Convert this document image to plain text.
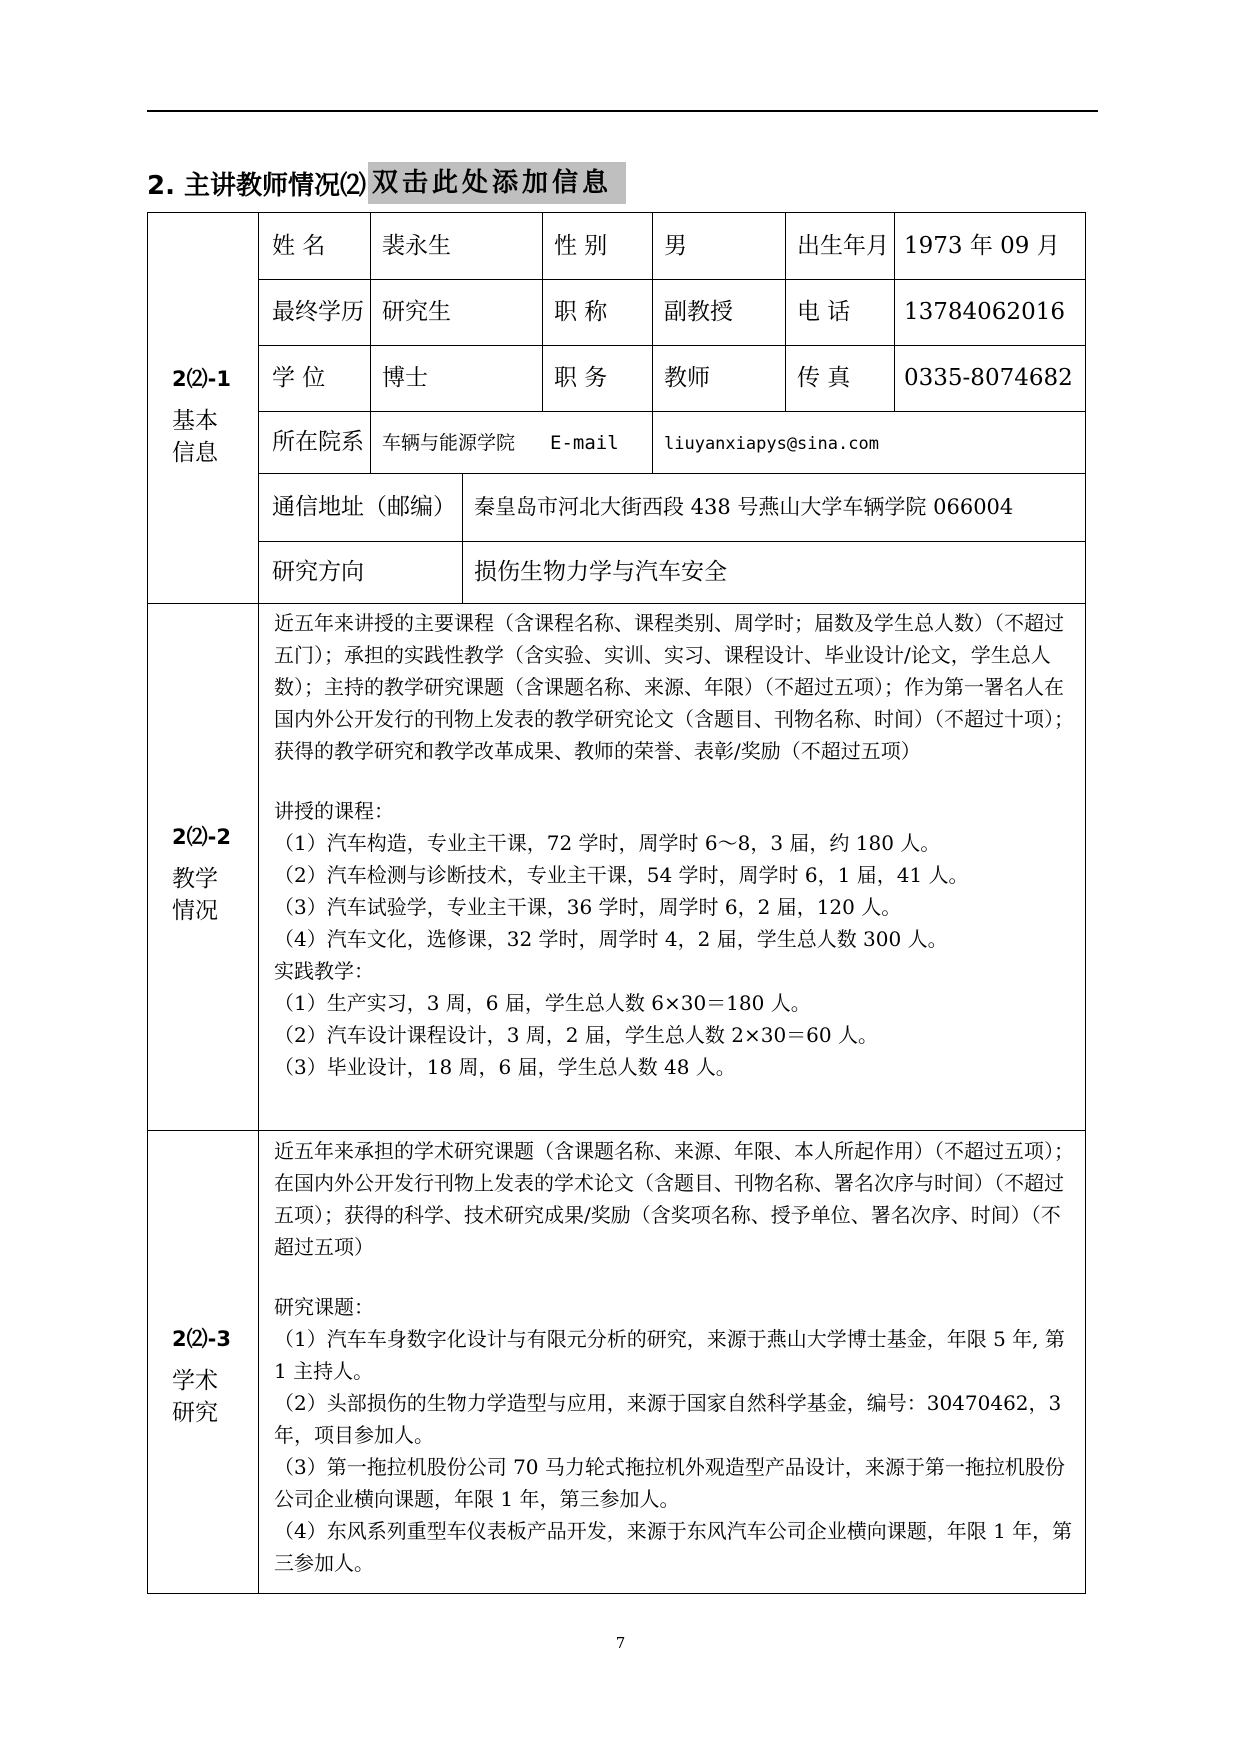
2. 主讲教师情况⑵ 双击此处添加信息
2⑵-1
基本信息
姓 名 裴永生	性 别 男	出生年月 1973 年 09 月
最终学历 研究生	职 称 副教授	电 话 13784062016
学 位 博士	职 务 教师	传 真 0335-8074682
所在院系 车辆与能源学院 E-mail	liuyanxiapys@sina.com
通信地址（邮编） 秦皇岛市河北大街西段 438 号燕山大学车辆学院 066004
研究方向	损伤生物力学与汽车安全
2⑵-2
教学情况

近五年来讲授的主要课程（含课程名称、课程类别、周学时；届数及学生总人数）（不超过五门）；承担的实践性教学（含实验、实训、实习、课程设计、毕业设计/论文，学生总人数）；主持的教学研究课题（含课题名称、来源、年限）（不超过五项）；作为第一署名人在国内外公开发行的刊物上发表的教学研究论文（含题目、刊物名称、时间）（不超过十项）；获得的教学研究和教学改革成果、教师的荣誉、表彰/奖励（不超过五项）

讲授的课程：

（1）汽车构造，专业主干课，72 学时，周学时 6～8，3 届，约 180 人。

（2）汽车检测与诊断技术，专业主干课，54 学时，周学时 6，1 届，41 人。

（3）汽车试验学，专业主干课，36 学时，周学时 6，2 届，120 人。

（4）汽车文化，选修课，32 学时，周学时 4，2 届，学生总人数 300 人。

实践教学：

（1）生产实习，3 周，6 届，学生总人数 6×30＝180 人。

（2）汽车设计课程设计，3 周，2 届，学生总人数 2×30＝60 人。

（3）毕业设计，18 周，6 届，学生总人数 48 人。

2⑵-3
学术研究

近五年来承担的学术研究课题（含课题名称、来源、年限、本人所起作用）（不超过五项）；在国内外公开发行刊物上发表的学术论文（含题目、刊物名称、署名次序与时间）（不超过五项）；获得的科学、技术研究成果/奖励（含奖项名称、授予单位、署名次序、时间）（不超过五项）

研究课题：

（1）汽车车身数字化设计与有限元分析的研究，来源于燕山大学博士基金，年限 5 年, 第 1 主持人。

（2）头部损伤的生物力学造型与应用，来源于国家自然科学基金，编号：30470462，3 年，项目参加人。

（3）第一拖拉机股份公司 70 马力轮式拖拉机外观造型产品设计，来源于第一拖拉机股份公司企业横向课题，年限 1 年，第三参加人。

（4）东风系列重型车仪表板产品开发，来源于东风汽车公司企业横向课题，年限 1 年，第三参加人。

7
